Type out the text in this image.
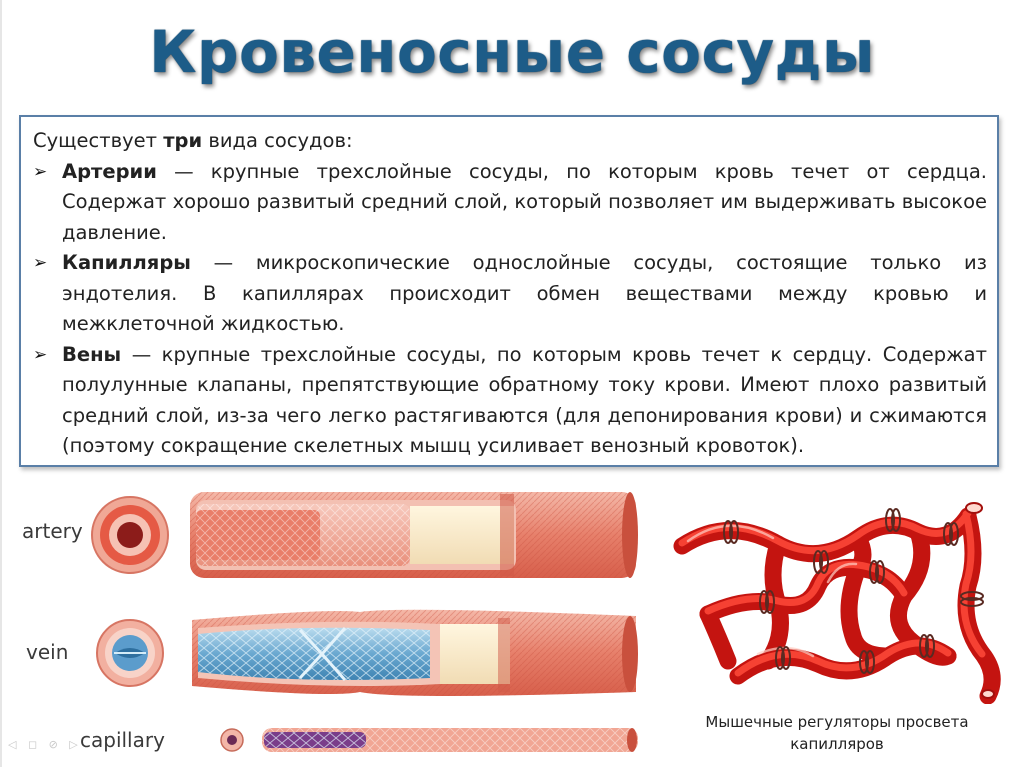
Кровеносные сосуды
Существует три вида сосудов:
➢ Артерии — крупные трехслойные сосуды, по которым кровь течет от сердца. Содержат хорошо развитый средний слой, который позволяет им выдерживать высокое давление.
➢ Капилляры — микроскопические однослойные сосуды, состоящие только из эндотелия. В капиллярах происходит обмен веществами между кровью и межклеточной жидкостью.
➢ Вены — крупные трехслойные сосуды, по которым кровь течет к сердцу. Содержат полулунные клапаны, препятствующие обратному току крови. Имеют плохо развитый средний слой, из-за чего легко растягиваются (для депонирования крови) и сжимаются (поэтому сокращение скелетных мышц усиливает венозный кровоток).
artery
vein
capillary
◁ ◻ ⊘ ▷
Мышечные регуляторы просвета
капилляров
